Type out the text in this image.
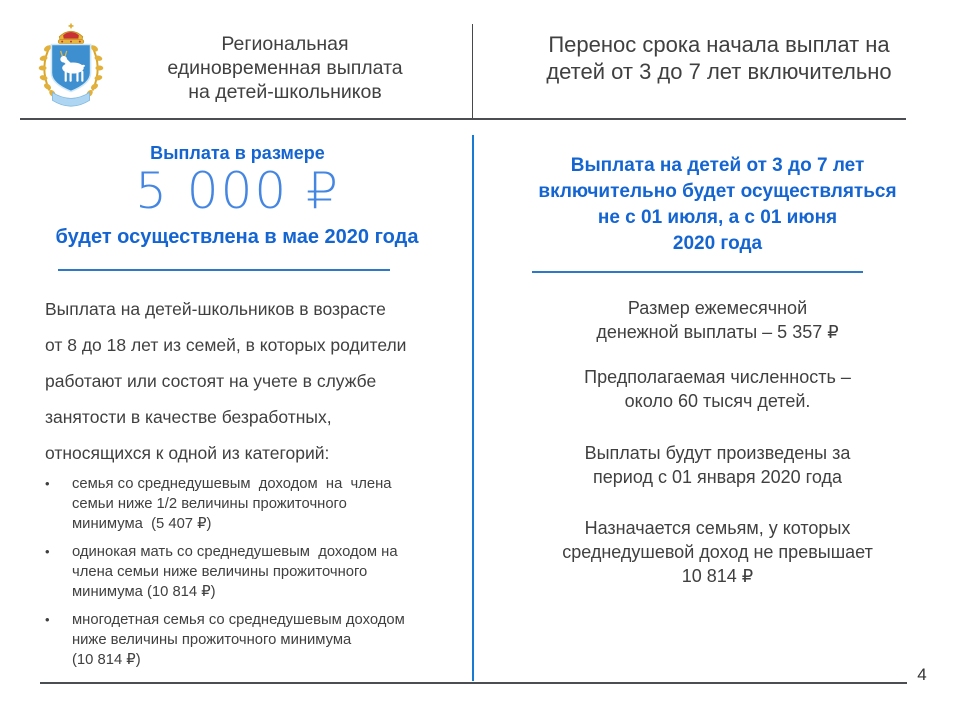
Региональная
единовременная выплата
на детей-школьников
Перенос срока начала выплат на
детей от 3 до 7 лет включительно
Выплата в размере
5 000 ₽
будет осуществлена в мае 2020 года
Выплата на детей-школьников в возрасте
от 8 до 18 лет из семей, в которых родители
работают или состоят на учете в службе
занятости в качестве безработных,
относящихся к одной из категорий:
•	семья со среднедушевым  доходом  на  члена
семьи ниже 1/2 величины прожиточного
минимума  (5 407 ₽)
•	одинокая мать со среднедушевым  доходом на
члена семьи ниже величины прожиточного
минимума (10 814 ₽)
•	многодетная семья со среднедушевым доходом
ниже величины прожиточного минимума
(10 814 ₽)
Выплата на детей от 3 до 7 лет
включительно будет осуществляться
не с 01 июля, а с 01 июня
2020 года
Размер ежемесячной
денежной выплаты – 5 357 ₽
Предполагаемая численность –
около 60 тысяч детей.
Выплаты будут произведены за
период с 01 января 2020 года
Назначается семьям, у которых
среднедушевой доход не превышает
10 814 ₽
4
